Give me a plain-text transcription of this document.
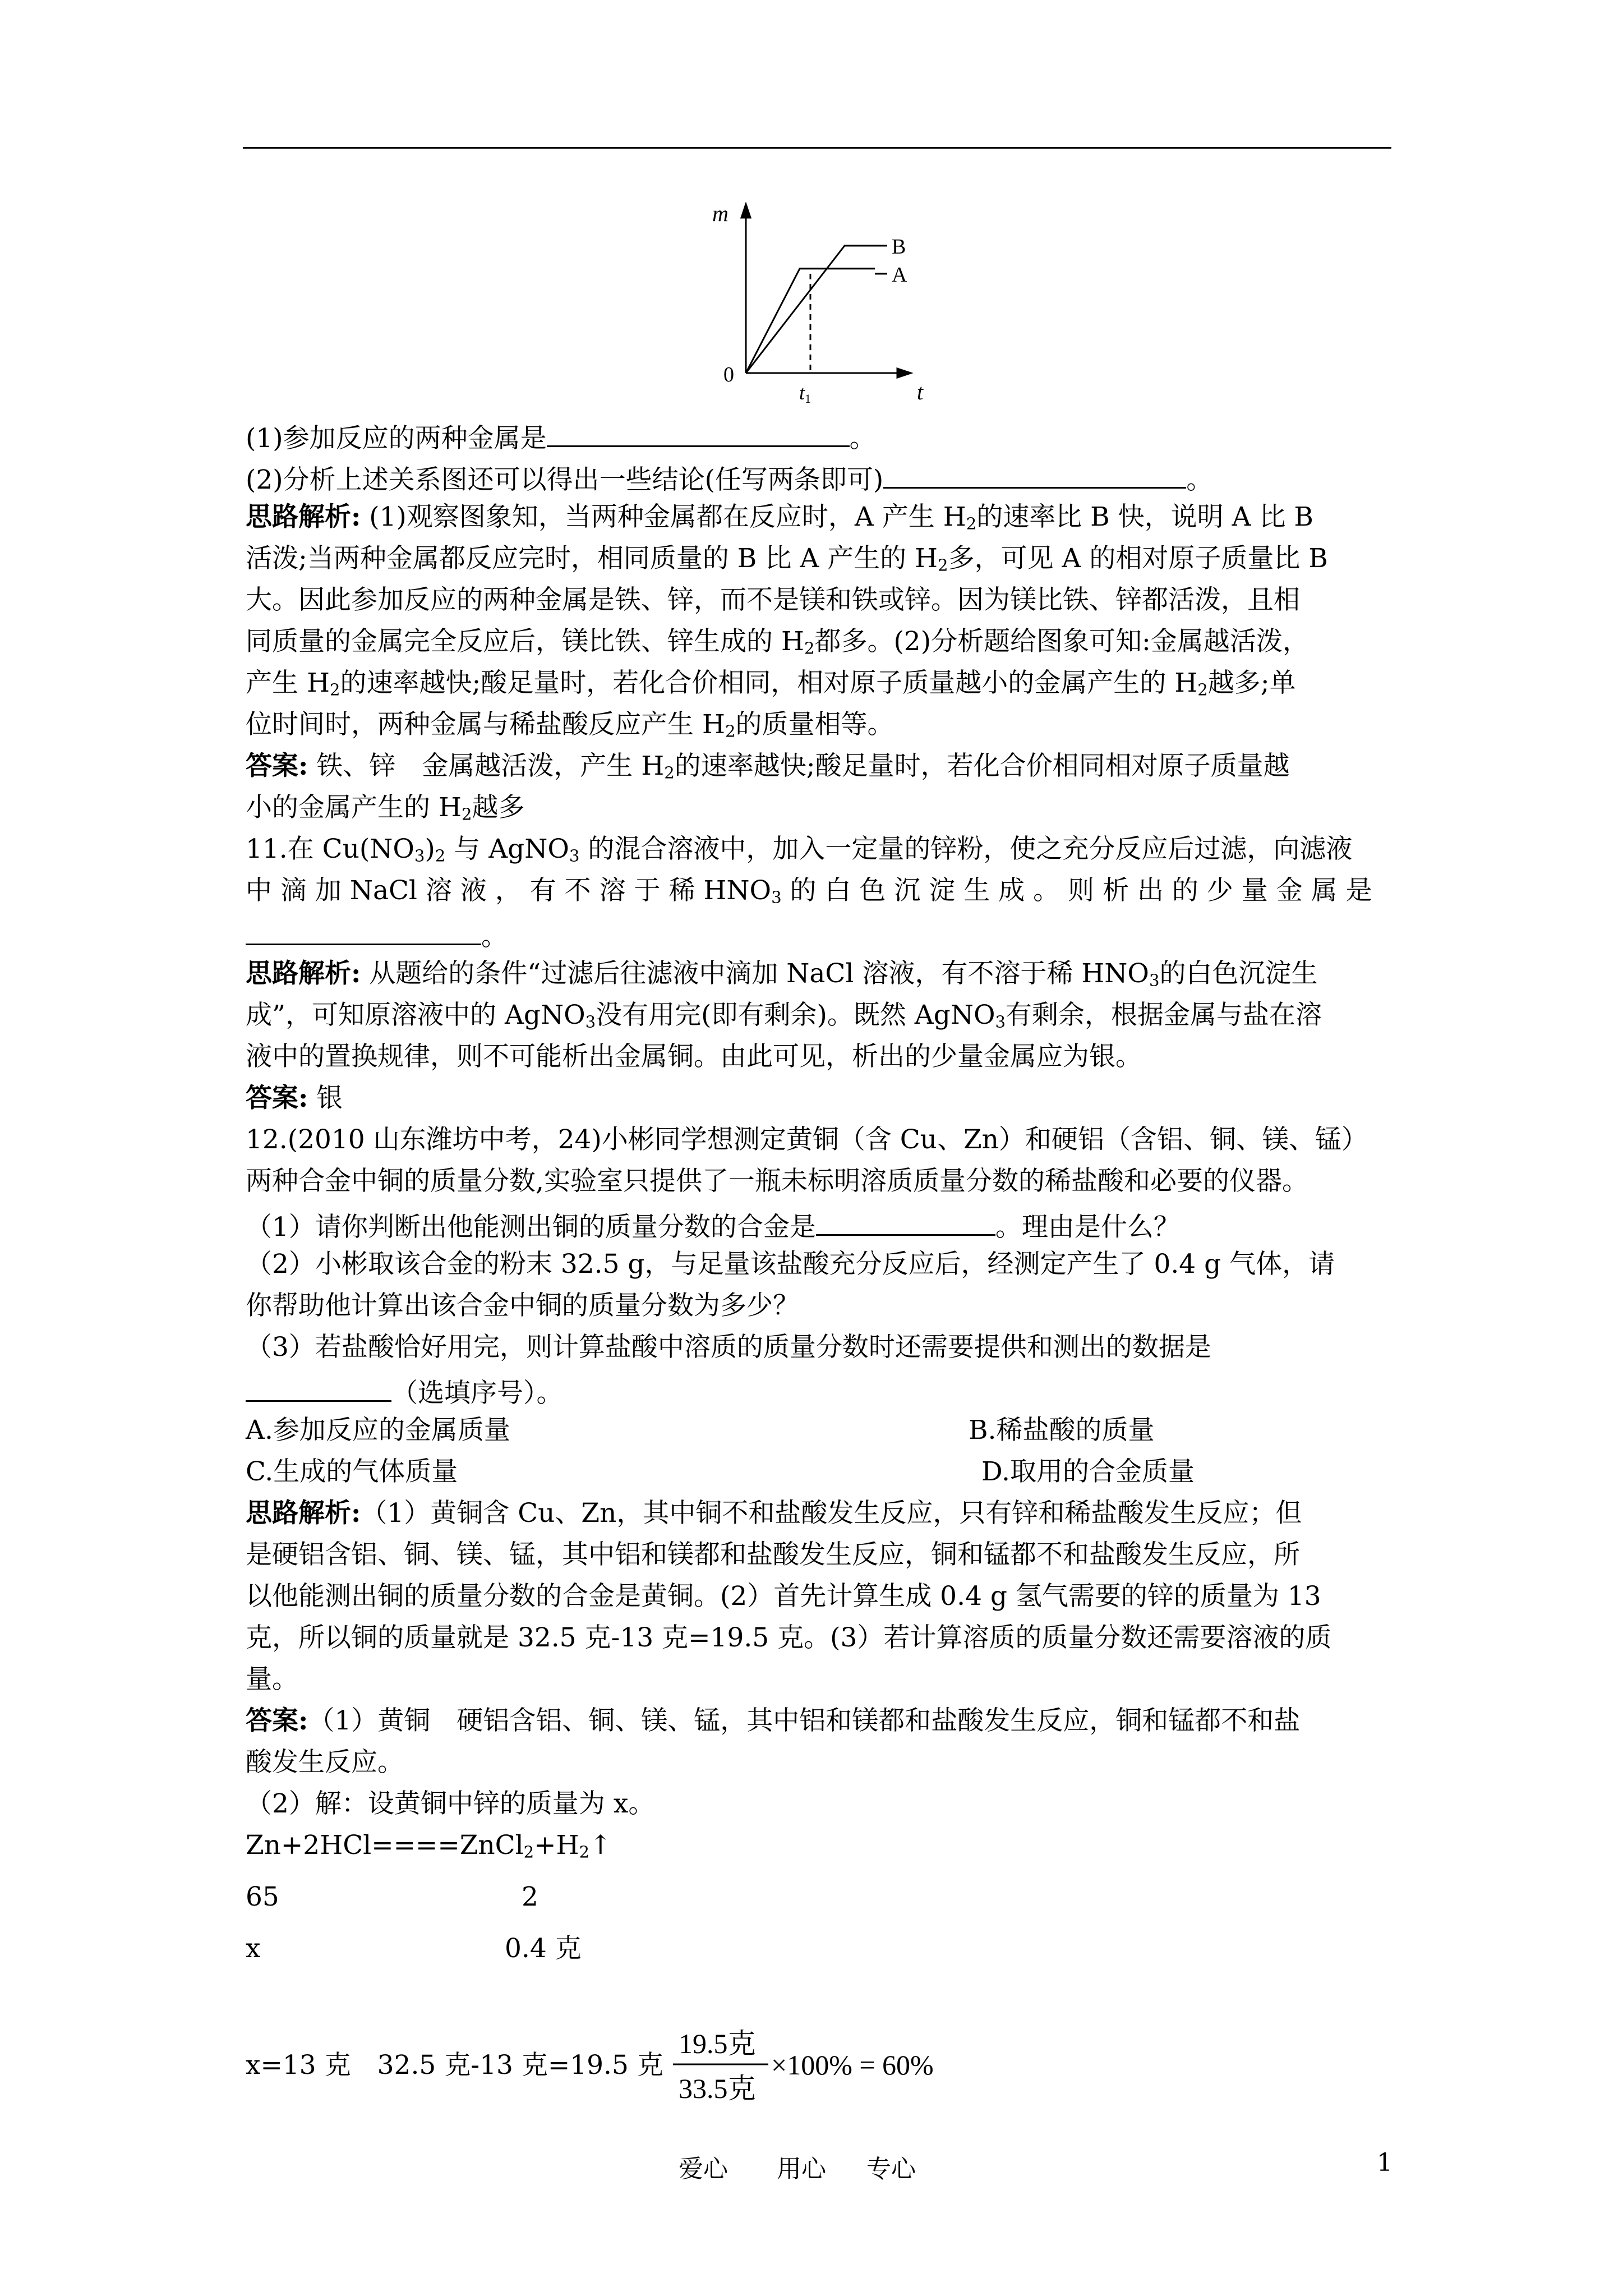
m
t
0
t1
B
A
(1)参加反应的两种金属是	。
(2)分析上述关系图还可以得出一些结论(任写两条即可)	。
思路解析: (1)观察图象知，当两种金属都在反应时，A 产生 $H_2$的速率比 B 快，说明 A 比 B
活泼;当两种金属都反应完时，相同质量的 B 比 A 产生的 $H_2$多，可见 A 的相对原子质量比 B
大。因此参加反应的两种金属是铁、锌，而不是镁和铁或锌。因为镁比铁、锌都活泼，且相
同质量的金属完全反应后，镁比铁、锌生成的 $H_2$都多。(2)分析题给图象可知:金属越活泼，
产生 $H_2$的速率越快;酸足量时，若化合价相同，相对原子质量越小的金属产生的 $H_2$越多;单
位时间时，两种金属与稀盐酸反应产生 $H_2$的质量相等。
答案: 铁、锌　金属越活泼，产生 $H_2$的速率越快;酸足量时，若化合价相同相对原子质量越
小的金属产生的 $H_2$越多
11.在 $Cu(NO_3)_2$ 与 AgNO$_3$ 的混合溶液中，加入一定量的锌粉，使之充分反应后过滤，向滤液
中 滴 加 NaCl 溶 液 ， 有 不 溶 于 稀 $HNO_3$ 的 白 色 沉 淀 生 成 。 则 析 出 的 少 量 金 属 是
。
思路解析: 从题给的条件“过滤后往滤液中滴加 NaCl 溶液，有不溶于稀 $HNO_3$的白色沉淀生
成”，可知原溶液中的 AgNO$_3$没有用完(即有剩余)。既然 AgNO$_3$有剩余，根据金属与盐在溶
液中的置换规律，则不可能析出金属铜。由此可见，析出的少量金属应为银。
答案: 银
12.(2010 山东潍坊中考，24)小彬同学想测定黄铜（含 Cu、Zn）和硬铝（含铝、铜、镁、锰）
两种合金中铜的质量分数,实验室只提供了一瓶未标明溶质质量分数的稀盐酸和必要的仪器。
（1）请你判断出他能测出铜的质量分数的合金是	。理由是什么？
（2）小彬取该合金的粉末 32.5 g，与足量该盐酸充分反应后，经测定产生了 0.4 g 气体，请
你帮助他计算出该合金中铜的质量分数为多少？
（3）若盐酸恰好用完，则计算盐酸中溶质的质量分数时还需要提供和测出的数据是
（选填序号）。
A.参加反应的金属质量	B.稀盐酸的质量
C.生成的气体质量	D.取用的合金质量
思路解析:（1）黄铜含 Cu、Zn，其中铜不和盐酸发生反应，只有锌和稀盐酸发生反应；但
是硬铝含铝、铜、镁、锰，其中铝和镁都和盐酸发生反应，铜和锰都不和盐酸发生反应，所
以他能测出铜的质量分数的合金是黄铜。(2）首先计算生成 0.4 g 氢气需要的锌的质量为 13
克，所以铜的质量就是 32.5 克-13 克=19.5 克。(3）若计算溶质的质量分数还需要溶液的质
量。
答案:（1）黄铜　硬铝含铝、铜、镁、锰，其中铝和镁都和盐酸发生反应，铜和锰都不和盐
酸发生反应。
（2）解：设黄铜中锌的质量为 x。
$Zn+2HCl====ZnCl_2+H_2↑$
65	2
x	0.4 克
x=13 克　32.5 克-13 克=19.5 克
19.5克
33.5克
×100% = 60%
爱心 用心 专心	1
